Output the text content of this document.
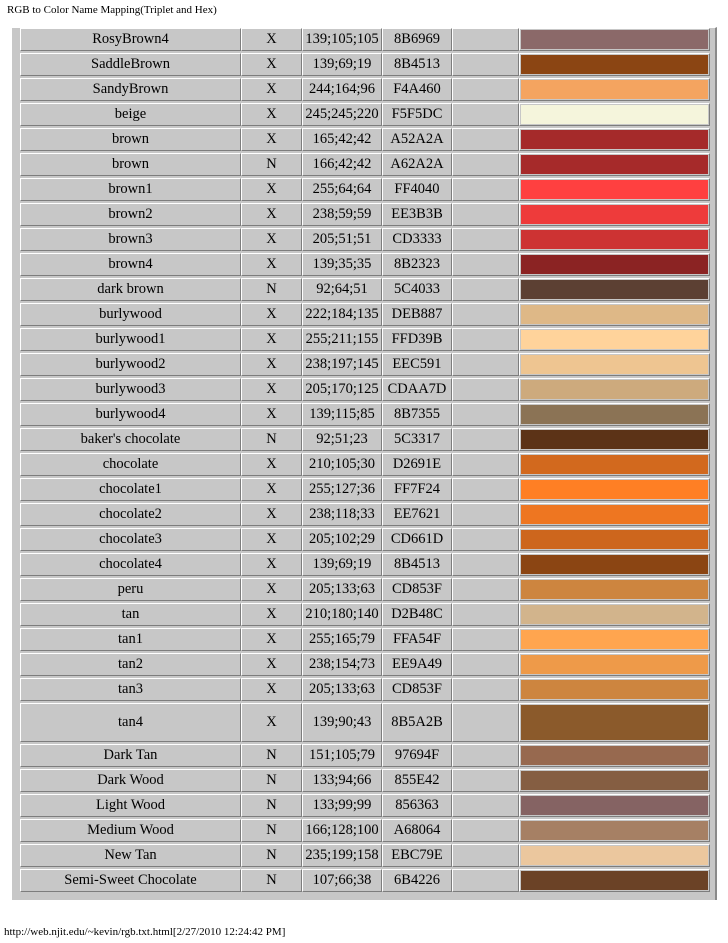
RGB to Color Name Mapping(Triplet and Hex)
RosyBrown4	X	139;105;105	8B6969
SaddleBrown	X	139;69;19	8B4513
SandyBrown	X	244;164;96	F4A460
beige	X	245;245;220 F5F5DC
brown	X	165;42;42	A52A2A
brown	N	166;42;42	A62A2A
brown1	X	255;64;64	FF4040
brown2	X	238;59;59	EE3B3B
brown3	X	205;51;51	CD3333
brown4	X	139;35;35	8B2323
dark brown	N	92;64;51	5C4033
burlywood	X	222;184;135 DEB887
burlywood1	X	255;211;155 FFD39B
burlywood2	X	238;197;145 EEC591
burlywood3	X	205;170;125 CDAA7D
burlywood4	X	139;115;85	8B7355
baker's chocolate	N	92;51;23	5C3317
chocolate	X	210;105;30	D2691E
chocolate1	X	255;127;36	FF7F24
chocolate2	X	238;118;33	EE7621
chocolate3	X	205;102;29	CD661D
chocolate4	X	139;69;19	8B4513
peru	X	205;133;63	CD853F
tan	X	210;180;140 D2B48C
tan1	X	255;165;79	FFA54F
tan2	X	238;154;73	EE9A49
tan3	X	205;133;63	CD853F
tan4	X	139;90;43	8B5A2B
Dark Tan	N	151;105;79	97694F
Dark Wood	N	133;94;66	855E42
Light Wood	N	133;99;99	856363
Medium Wood	N	166;128;100	A68064
New Tan	N	235;199;158 EBC79E
Semi-Sweet Chocolate	N	107;66;38	6B4226
http://web.njit.edu/~kevin/rgb.txt.html[2/27/2010 12:24:42 PM]
